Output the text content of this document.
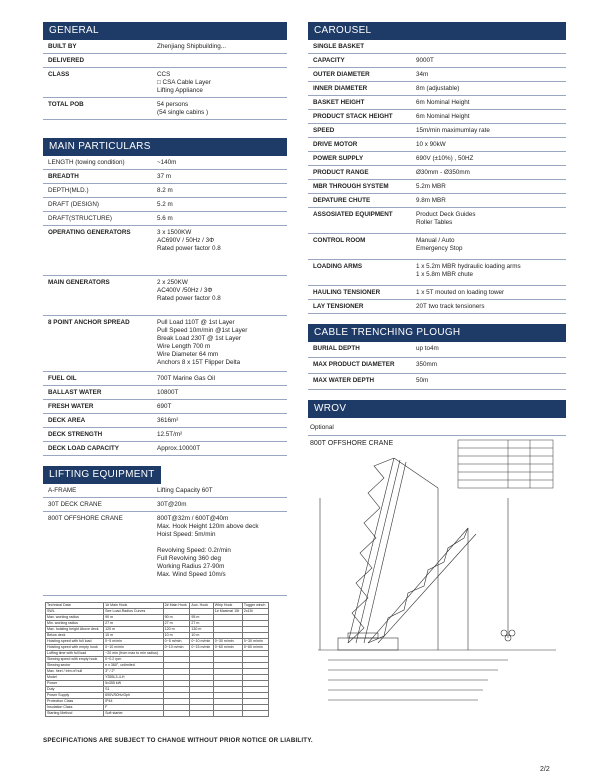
GENERAL
BUILT BY	Zhenjiang Shipbuilding...
DELIVERED
CLASS	CCS
□ CSA Cable Layer
Lifting Appliance
TOTAL POB	54 persons
(54 single cabins )
MAIN PARTICULARS
LENGTH (towing condition)	~140m
BREADTH	37 m
DEPTH(MLD.)	8.2 m
DRAFT (DESIGN)	5.2 m
DRAFT(STRUCTURE)	5.6 m
OPERATING GENERATORS	3 x 1500KW
AC690V / 50Hz / 3Φ
Rated power factor 0.8
MAIN GENERATORS	2 x 250KW
AC400V /50Hz / 3Φ
Rated power factor 0.8
8 POINT ANCHOR SPREAD	Pull Load 110T @ 1st Layer
Pull Speed 10m/min @1st Layer
Break Load 230T @ 1st Layer
Wire Length 700 m
Wire Diameter 64 mm
Anchors 8 x 15T Flipper Delta
FUEL OIL	700T Marine Gas Oil
BALLAST WATER	10800T
FRESH WATER	690T
DECK AREA	3616m²
DECK STRENGTH	12.5T/m²
DECK LOAD CAPACITY	Approx.10000T
LIFTING EQUIPMENT
A-FRAME	Lifting Capacity 60T
30T DECK CRANE	30T@20m
800T OFFSHORE CRANE	800T@32m / 600T@40m
Max. Hook Height 120m above deck
Hoist Speed: 5m/min

Revolving Speed: 0.2r/min
Full Revolving 360 deg
Working Radius 27-90m
Max. Wind Speed 10m/s
Technical Data	1# Main Hook	2# Main Hook	Aux. Hook	Whip Hook	Tugger winch
SWL	See Load-Radius Curves			1# Maximal 15t	2x15t
Max. working radius	90 m	90 m	95 m		
Min. working radius	27 m	27 m	27 m		
Max. hoisting height Above deck	120 m	120 m	130 m		
Below deck	10 m	10 m	10 m		
Hoisting speed with full load	0~5 m/min	0~5 m/min	0~10 m/min	0~30 m/min	0~30 m/min
Hoisting speed with empty hook	0~10 m/min	0~10 m/min	0~15 m/min	0~60 m/min	0~60 m/min
Luffing time with full load	~20 min (from max to min radius)				
Slewing speed with empty hook	0~0.2 rpm				
Slewing sector	n x 360°, unlimited				
Max. heel / trim of hull	3° / 2°				
Model	Y355L3-4-H				
Power	5x355 kW				
Duty	S1				
Power Supply	690V/50Hz/3ph				
Protection Class	IP44				
Insulation Class	F				
Starting Method	Soft starter				
CAROUSEL
SINGLE BASKET
CAPACITY	9000T
OUTER DIAMETER	34m
INNER DIAMETER	8m (adjustable)
BASKET HEIGHT	6m Nominal Height
PRODUCT STACK HEIGHT	6m Nominal Height
SPEED	15m/min maximumlay rate
DRIVE MOTOR	10 x 90kW
POWER SUPPLY	690V (±10%) , 50HZ
PRODUCT RANGE	Ø30mm - Ø350mm
MBR THROUGH SYSTEM	5.2m MBR
DEPATURE CHUTE	9.8m MBR
ASSOSIATED EQUIPMENT	Product Deck Guides
Roller Tables
CONTROL ROOM	Manual / Auto
Emergency Stop
LOADING ARMS	1 x 5.2m MBR hydraulic loading arms
1 x 5.8m MBR chute
HAULING TENSIONER	1 x 5T mouted on loading tower
LAY TENSIONER	20T two track tensioners
CABLE TRENCHING PLOUGH
BURIAL DEPTH	up to4m
MAX PRODUCT DIAMETER	350mm
MAX WATER DEPTH	50m
WROV
Optional
800T OFFSHORE CRANE
SPECIFICATIONS ARE SUBJECT TO CHANGE WITHOUT PRIOR NOTICE OR LIABILITY.
2/2
